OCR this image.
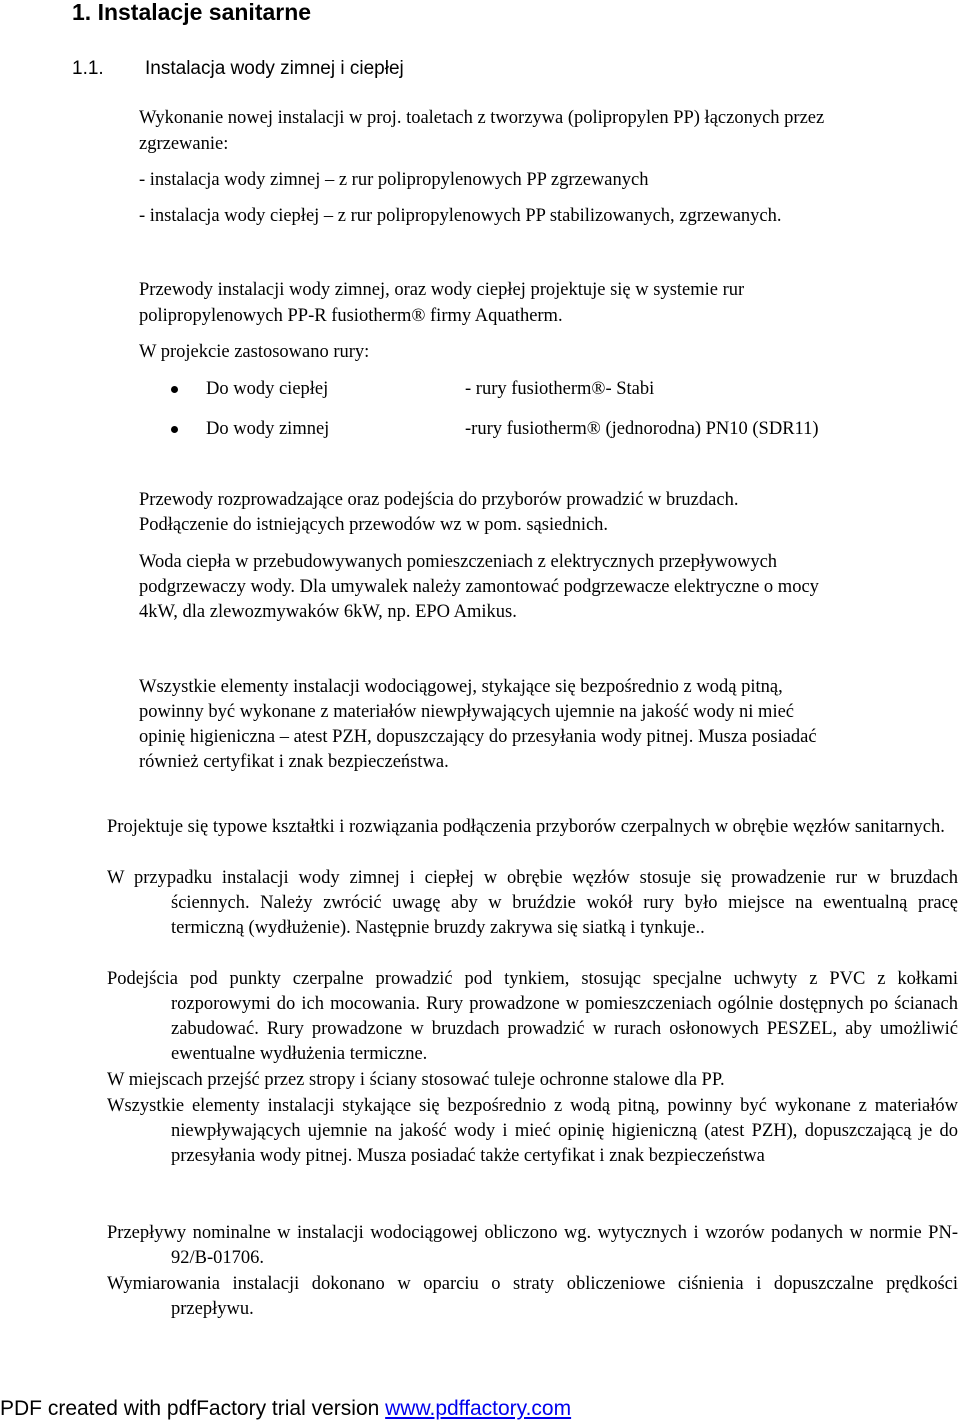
1. Instalacje sanitarne
1.1. Instalacja wody zimnej i ciepłej
Wykonanie nowej instalacji w proj. toaletach z tworzywa (polipropylen PP) łączonych przez
zgrzewanie:
- instalacja wody zimnej – z rur polipropylenowych PP zgrzewanych
- instalacja wody ciepłej – z rur polipropylenowych PP stabilizowanych, zgrzewanych.
Przewody instalacji wody zimnej, oraz wody ciepłej projektuje się w systemie rur
polipropylenowych PP-R fusiotherm® firmy Aquatherm.
W projekcie zastosowano rury:
Do wody ciepłej	- rury fusiotherm®- Stabi
Do wody zimnej	-rury fusiotherm® (jednorodna) PN10 (SDR11)
Przewody rozprowadzające oraz podejścia do przyborów prowadzić w bruzdach.
Podłączenie do istniejących przewodów wz w pom. sąsiednich.
Woda ciepła w przebudowywanych pomieszczeniach z elektrycznych przepływowych
podgrzewaczy wody. Dla umywalek należy zamontować podgrzewacze elektryczne o mocy
4kW, dla zlewozmywaków 6kW, np. EPO Amikus.
Wszystkie elementy instalacji wodociągowej, stykające się bezpośrednio z wodą pitną,
powinny być wykonane z materiałów niewpływających ujemnie na jakość wody ni mieć
opinię higieniczna – atest PZH, dopuszczający do przesyłania wody pitnej. Musza posiadać
również certyfikat i znak bezpieczeństwa.
Projektuje się typowe kształtki i rozwiązania podłączenia przyborów czerpalnych w obrębie węzłów sanitarnych.
W przypadku instalacji wody zimnej i ciepłej w obrębie węzłów stosuje się prowadzenie rur w bruzdach ściennych. Należy zwrócić uwagę aby w bruździe wokół rury było miejsce na ewentualną pracę termiczną (wydłużenie). Następnie bruzdy zakrywa się siatką i tynkuje..
Podejścia pod punkty czerpalne prowadzić pod tynkiem, stosując specjalne uchwyty z PVC z kołkami rozporowymi do ich mocowania. Rury prowadzone w pomieszczeniach ogólnie dostępnych po ścianach zabudować. Rury prowadzone w bruzdach prowadzić w rurach osłonowych PESZEL, aby umożliwić ewentualne wydłużenia termiczne.
W miejscach przejść przez stropy i ściany stosować tuleje ochronne stalowe dla PP.
Wszystkie elementy instalacji stykające się bezpośrednio z wodą pitną, powinny być wykonane z materiałów niewpływających ujemnie na jakość wody i mieć opinię higieniczną (atest PZH), dopuszczającą je do przesyłania wody pitnej. Musza posiadać także certyfikat i znak bezpieczeństwa
Przepływy nominalne w instalacji wodociągowej obliczono wg. wytycznych i wzorów podanych w normie PN-92/B-01706.
Wymiarowania instalacji dokonano w oparciu o straty obliczeniowe ciśnienia i dopuszczalne prędkości przepływu.
PDF created with pdfFactory trial version www.pdffactory.com
